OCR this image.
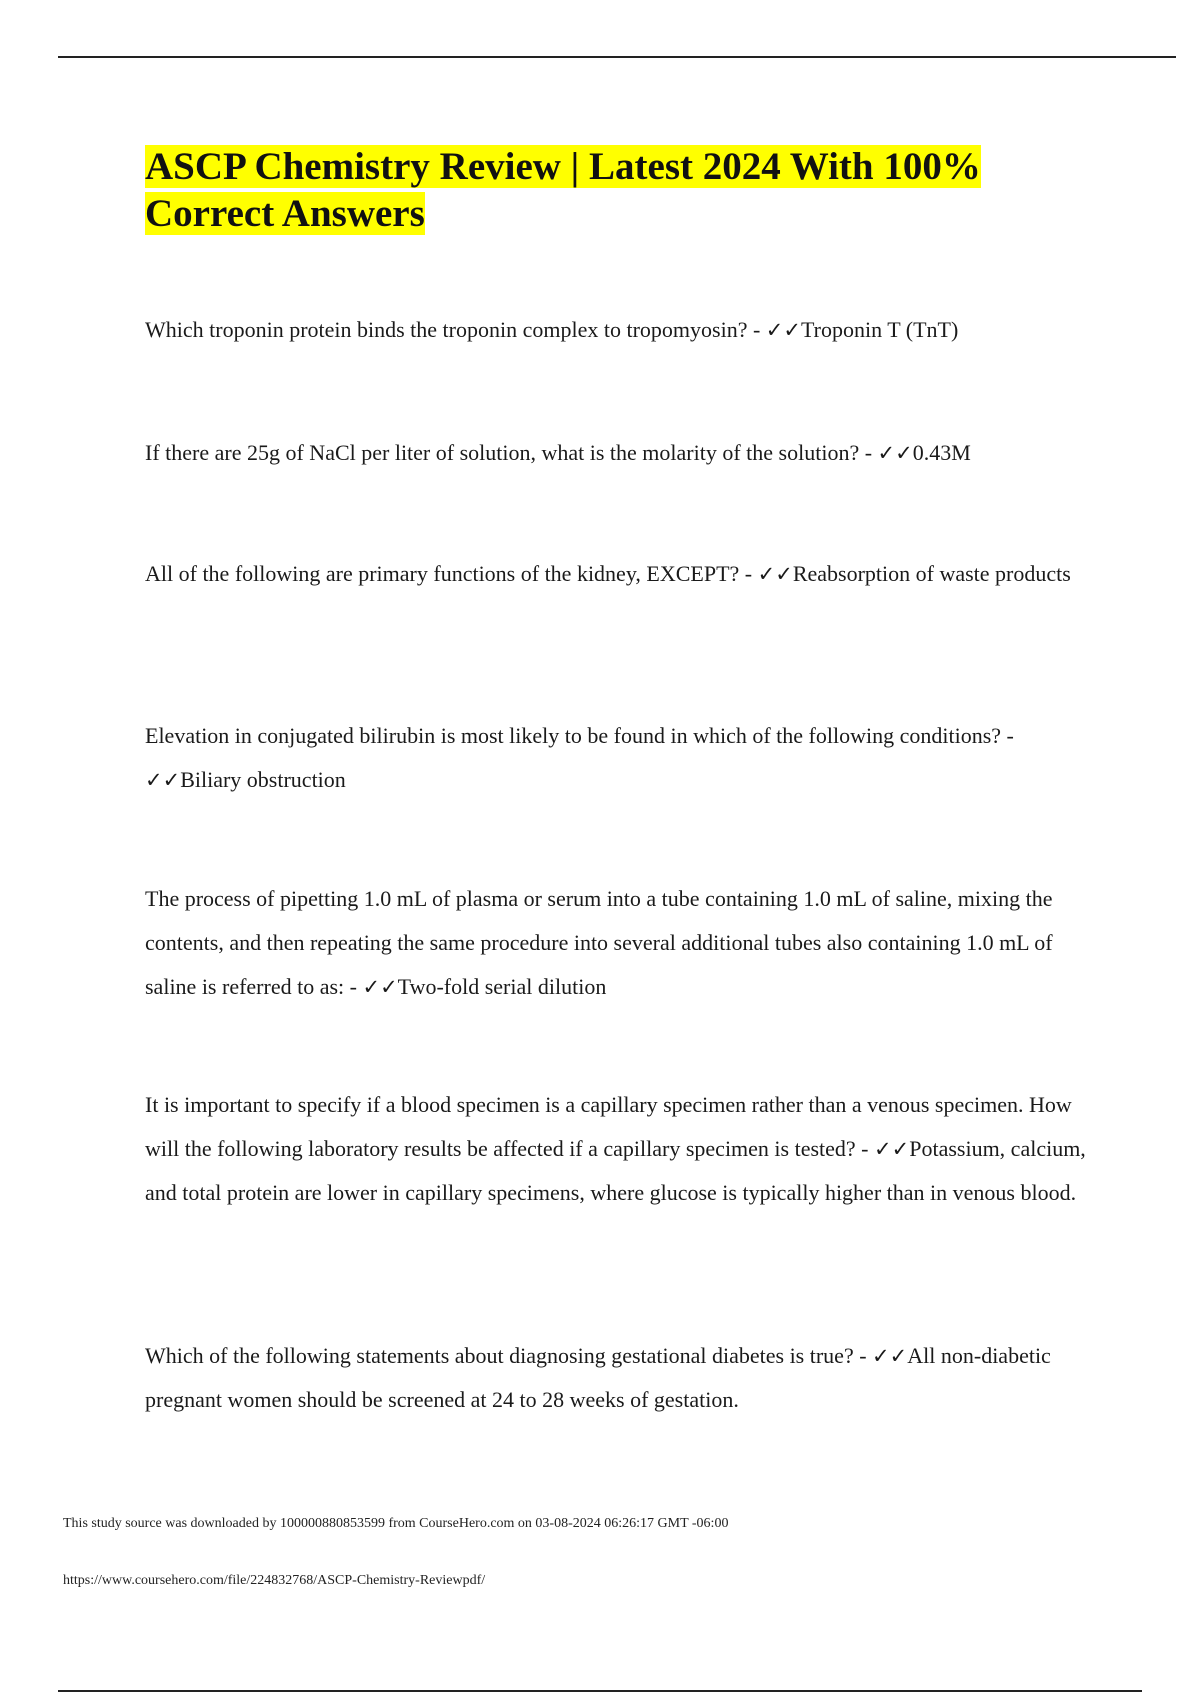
ASCP Chemistry Review | Latest 2024 With 100% Correct Answers

Which troponin protein binds the troponin complex to tropomyosin? - ✓✓Troponin T (TnT)

If there are 25g of NaCl per liter of solution, what is the molarity of the solution? - ✓✓0.43M

All of the following are primary functions of the kidney, EXCEPT? - ✓✓Reabsorption of waste products

Elevation in conjugated bilirubin is most likely to be found in which of the following conditions? - ✓✓Biliary obstruction

The process of pipetting 1.0 mL of plasma or serum into a tube containing 1.0 mL of saline, mixing the contents, and then repeating the same procedure into several additional tubes also containing 1.0 mL of saline is referred to as: - ✓✓Two-fold serial dilution

It is important to specify if a blood specimen is a capillary specimen rather than a venous specimen. How will the following laboratory results be affected if a capillary specimen is tested? - ✓✓Potassium, calcium, and total protein are lower in capillary specimens, where glucose is typically higher than in venous blood.

Which of the following statements about diagnosing gestational diabetes is true? - ✓✓All non-diabetic pregnant women should be screened at 24 to 28 weeks of gestation.

This study source was downloaded by 100000880853599 from CourseHero.com on 03-08-2024 06:26:17 GMT -06:00

https://www.coursehero.com/file/224832768/ASCP-Chemistry-Reviewpdf/
